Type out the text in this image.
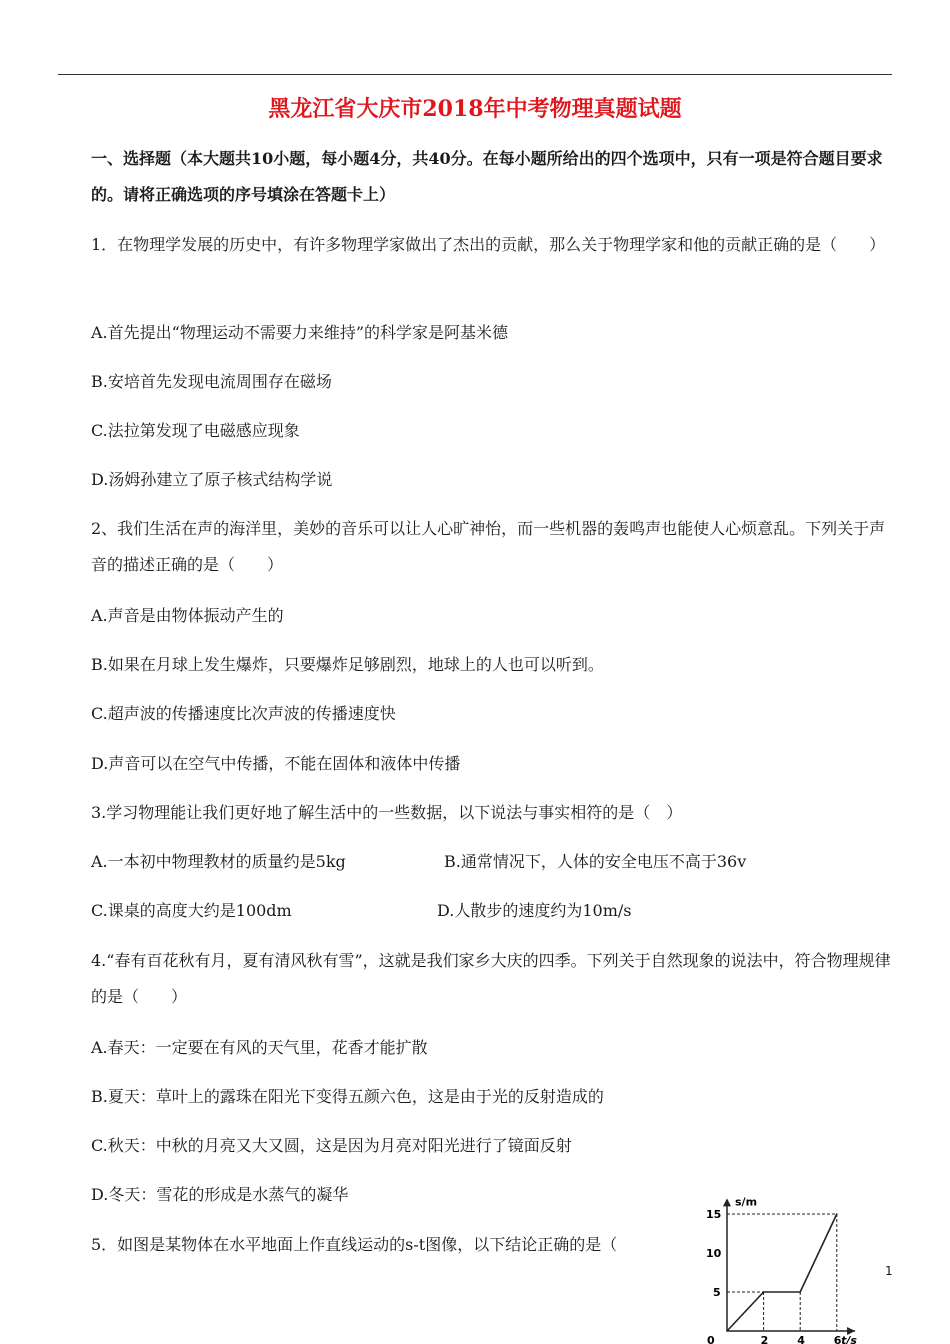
黑龙江省大庆市2018年中考物理真题试题
一、选择题（本大题共10小题，每小题4分，共40分。在每小题所给出的四个选项中，只有一项是符合题目要求的。请将正确选项的序号填涂在答题卡上）
1．在物理学发展的历史中，有许多物理学家做出了杰出的贡献，那么关于物理学家和他的贡献正确的是（　　）
A.首先提出“物理运动不需要力来维持”的科学家是阿基米德
B.安培首先发现电流周围存在磁场
C.法拉第发现了电磁感应现象
D.汤姆孙建立了原子核式结构学说
2、我们生活在声的海洋里，美妙的音乐可以让人心旷神怡，而一些机器的轰鸣声也能使人心烦意乱。下列关于声音的描述正确的是（　　）
A.声音是由物体振动产生的
B.如果在月球上发生爆炸，只要爆炸足够剧烈，地球上的人也可以听到。
C.超声波的传播速度比次声波的传播速度快
D.声音可以在空气中传播，不能在固体和液体中传播
3.学习物理能让我们更好地了解生活中的一些数据，以下说法与事实相符的是（　）
A.一本初中物理教材的质量约是5kg	B.通常情况下，人体的安全电压不高于36v
C.课桌的高度大约是100dm	D.人散步的速度约为10m/s
4.“春有百花秋有月，夏有清风秋有雪”，这就是我们家乡大庆的四季。下列关于自然现象的说法中，符合物理规律的是（　　）
A.春天：一定要在有风的天气里，花香才能扩散
B.夏天：草叶上的露珠在阳光下变得五颜六色，这是由于光的反射造成的
C.秋天：中秋的月亮又大又圆，这是因为月亮对阳光进行了镜面反射
D.冬天：雪花的形成是水蒸气的凝华
5．如图是某物体在水平地面上作直线运动的s-t图像，以下结论正确的是（
s/m
t/s
0	2	4	6
5
10
15
1
